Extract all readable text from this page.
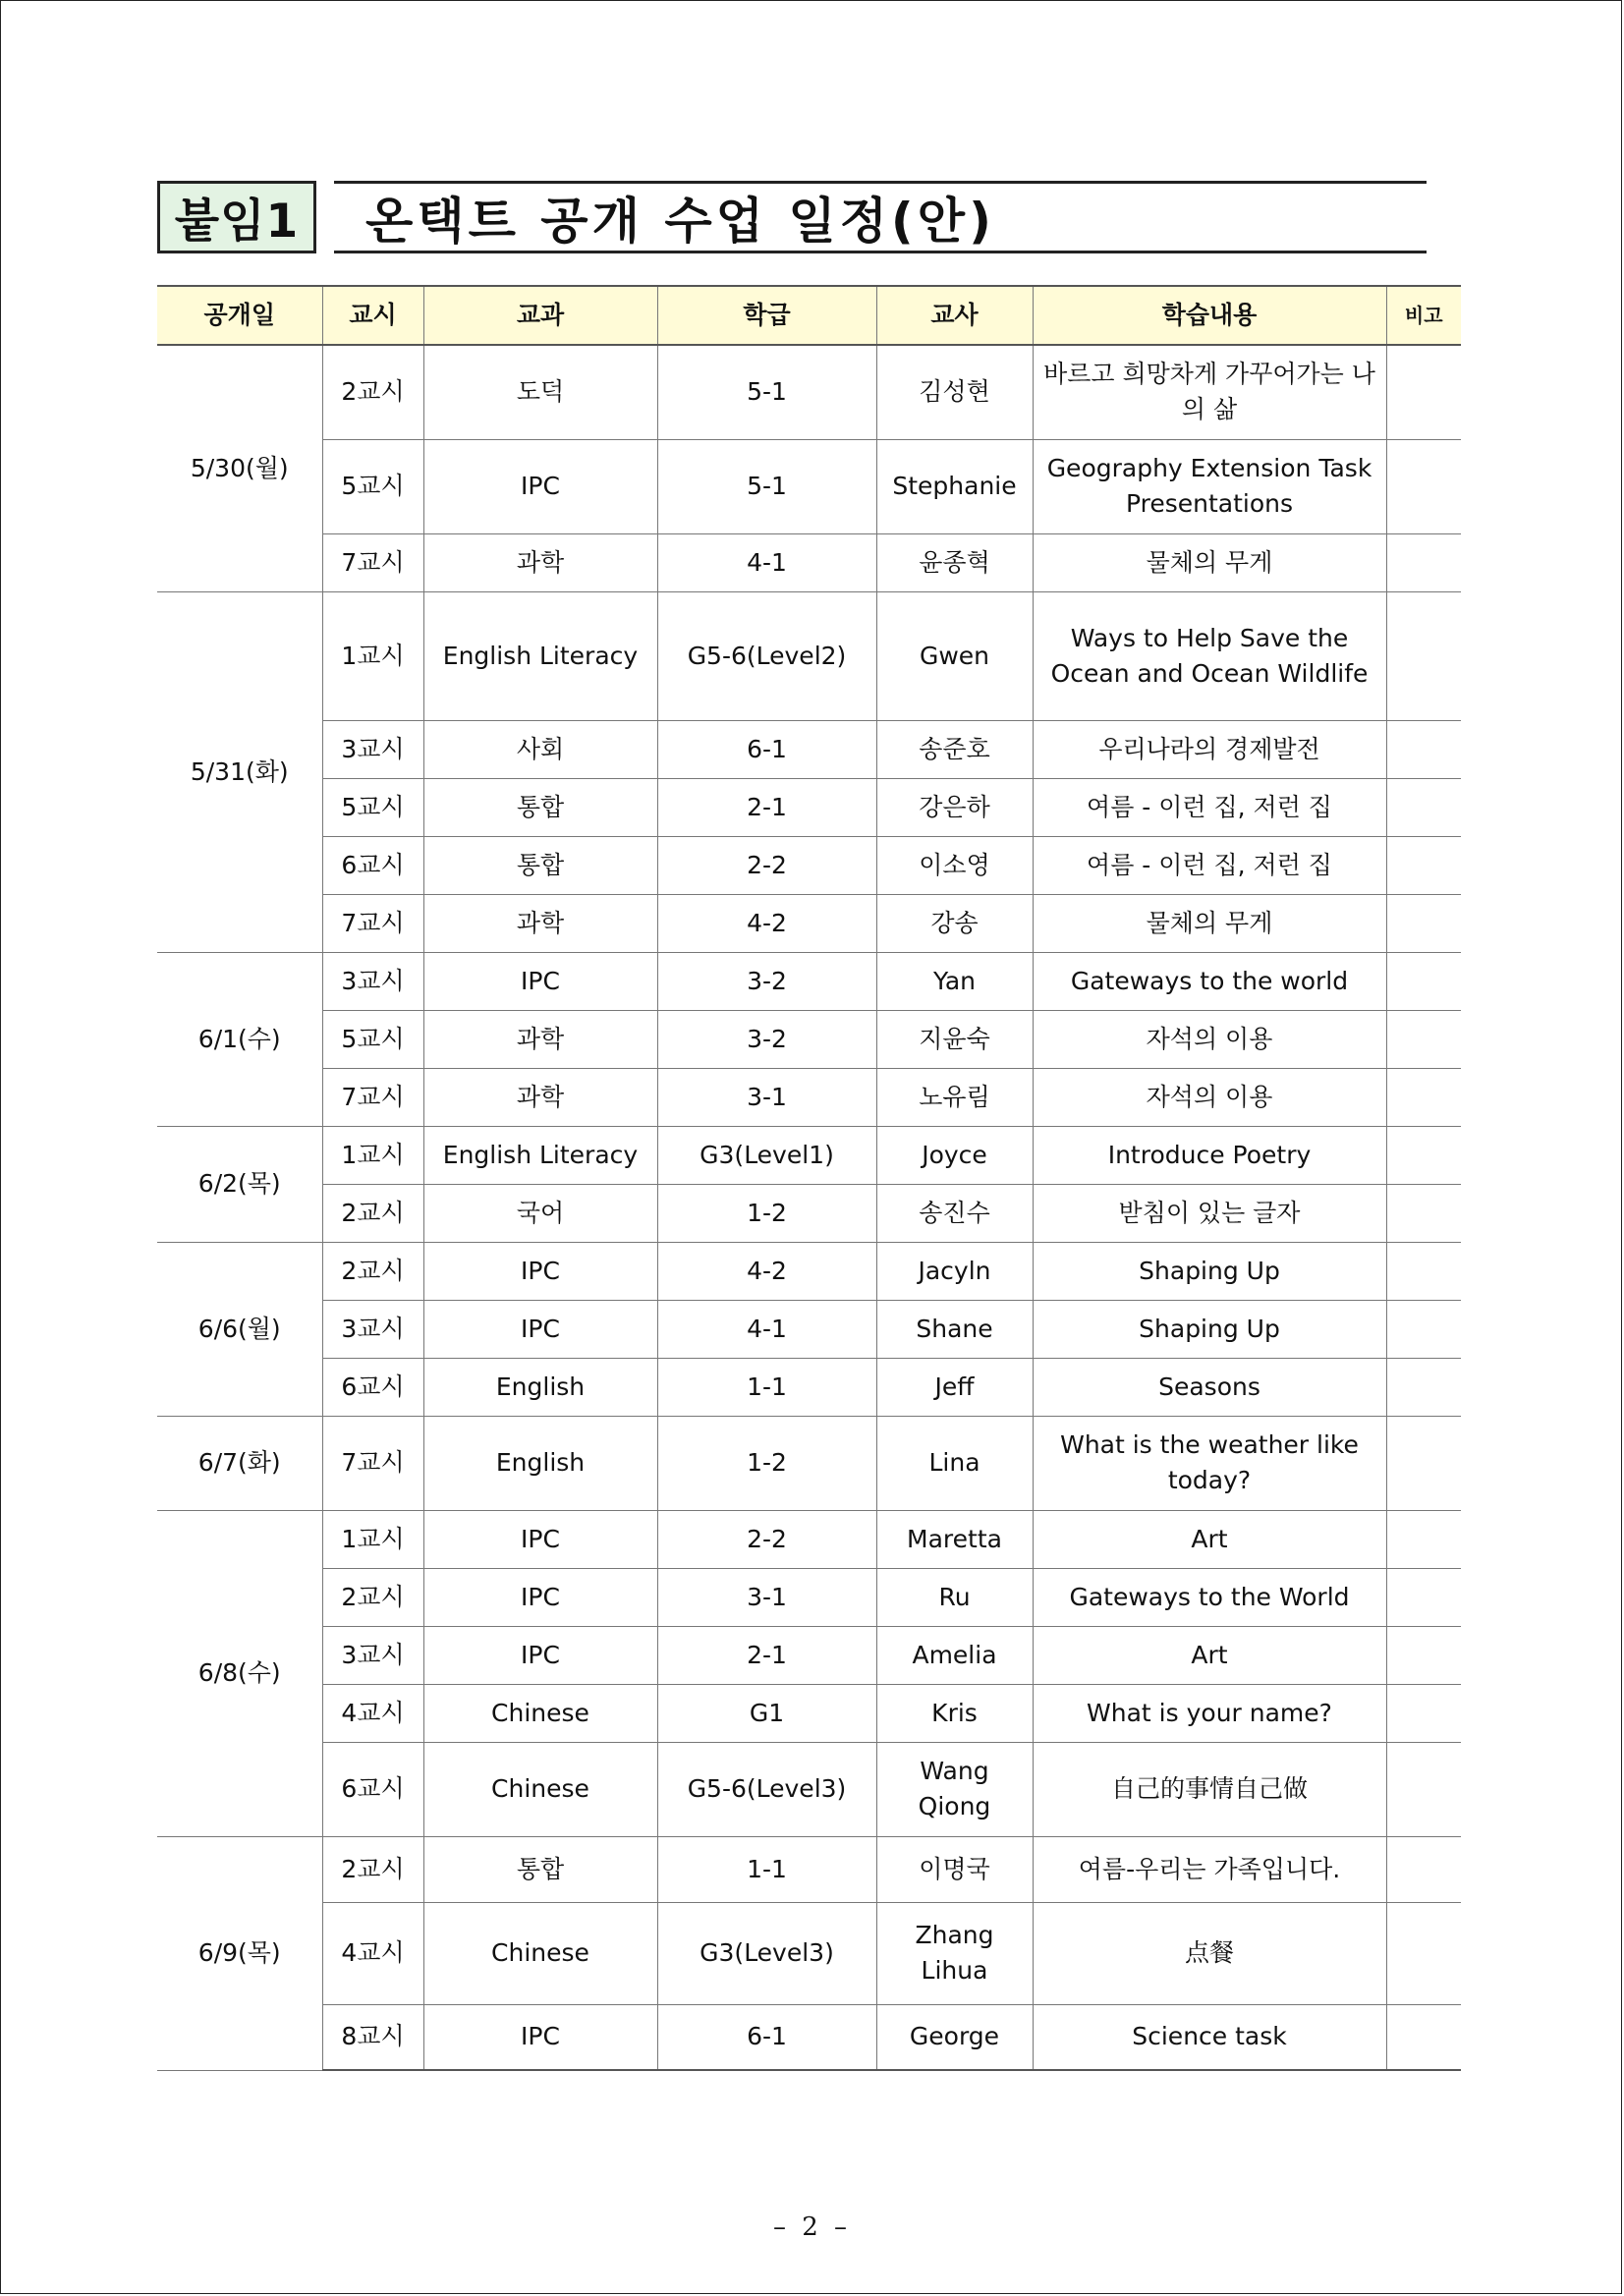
붙임1	온택트 공개 수업 일정(안)
공개일	교시	교과	학급	교사	학습내용	비고
5/30(월)	2교시	도덕	5-1	김성현	바르고 희망차게 가꾸어가는 나의 삶	
	5교시	IPC	5-1	Stephanie	Geography Extension Task Presentations	
	7교시	과학	4-1	윤종혁	물체의 무게	
5/31(화)	1교시	English Literacy	G5-6(Level2)	Gwen	Ways to Help Save the Ocean and Ocean Wildlife	
	3교시	사회	6-1	송준호	우리나라의 경제발전	
	5교시	통합	2-1	강은하	여름 - 이런 집, 저런 집	
	6교시	통합	2-2	이소영	여름 - 이런 집, 저런 집	
	7교시	과학	4-2	강송	물체의 무게	
6/1(수)	3교시	IPC	3-2	Yan	Gateways to the world	
	5교시	과학	3-2	지윤숙	자석의 이용	
	7교시	과학	3-1	노유림	자석의 이용	
6/2(목)	1교시	English Literacy	G3(Level1)	Joyce	Introduce Poetry	
	2교시	국어	1-2	송진수	받침이 있는 글자	
6/6(월)	2교시	IPC	4-2	Jacyln	Shaping Up	
	3교시	IPC	4-1	Shane	Shaping Up	
	6교시	English	1-1	Jeff	Seasons	
6/7(화)	7교시	English	1-2	Lina	What is the weather like today?	
6/8(수)	1교시	IPC	2-2	Maretta	Art	
	2교시	IPC	3-1	Ru	Gateways to the World	
	3교시	IPC	2-1	Amelia	Art	
	4교시	Chinese	G1	Kris	What is your name?	
	6교시	Chinese	G5-6(Level3)	Wang Qiong	自己的事情自己做	
6/9(목)	2교시	통합	1-1	이명국	여름-우리는 가족입니다.	
	4교시	Chinese	G3(Level3)	Zhang Lihua	点餐	
	8교시	IPC	6-1	George	Science task	
– 2 –
